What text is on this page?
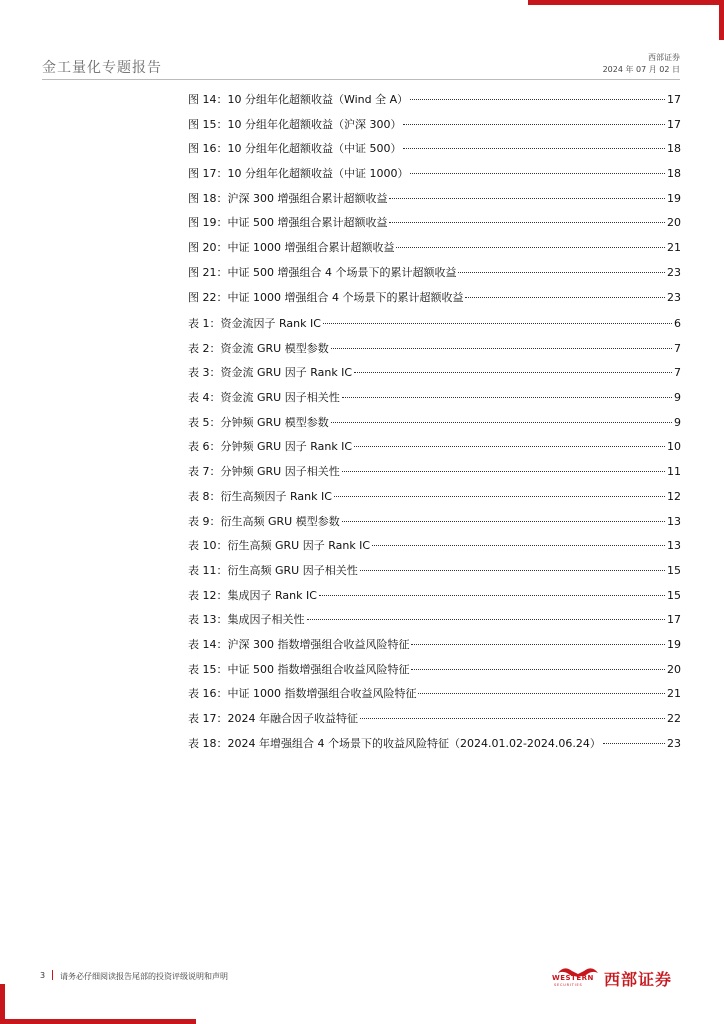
金工量化专题报告
西部证券
2024 年 07 月 02 日
图 14：10 分组年化超额收益（Wind 全 A）	17
图 15：10 分组年化超额收益（沪深 300）	17
图 16：10 分组年化超额收益（中证 500）	18
图 17：10 分组年化超额收益（中证 1000）	18
图 18：沪深 300 增强组合累计超额收益	19
图 19：中证 500 增强组合累计超额收益	20
图 20：中证 1000 增强组合累计超额收益	21
图 21：中证 500 增强组合 4 个场景下的累计超额收益	23
图 22：中证 1000 增强组合 4 个场景下的累计超额收益	23
表 1：资金流因子 Rank IC	6
表 2：资金流 GRU 模型参数	7
表 3：资金流 GRU 因子 Rank IC	7
表 4：资金流 GRU 因子相关性	9
表 5：分钟频 GRU 模型参数	9
表 6：分钟频 GRU 因子 Rank IC	10
表 7：分钟频 GRU 因子相关性	11
表 8：衍生高频因子 Rank IC	12
表 9：衍生高频 GRU 模型参数	13
表 10：衍生高频 GRU 因子 Rank IC	13
表 11：衍生高频 GRU 因子相关性	15
表 12：集成因子 Rank IC	15
表 13：集成因子相关性	17
表 14：沪深 300 指数增强组合收益风险特征	19
表 15：中证 500 指数增强组合收益风险特征	20
表 16：中证 1000 指数增强组合收益风险特征	21
表 17：2024 年融合因子收益特征	22
表 18：2024 年增强组合 4 个场景下的收益风险特征（2024.01.02-2024.06.24）	23
3 请务必仔细阅读报告尾部的投资评级说明和声明	WESTERN
SECURITIES 西部证券
